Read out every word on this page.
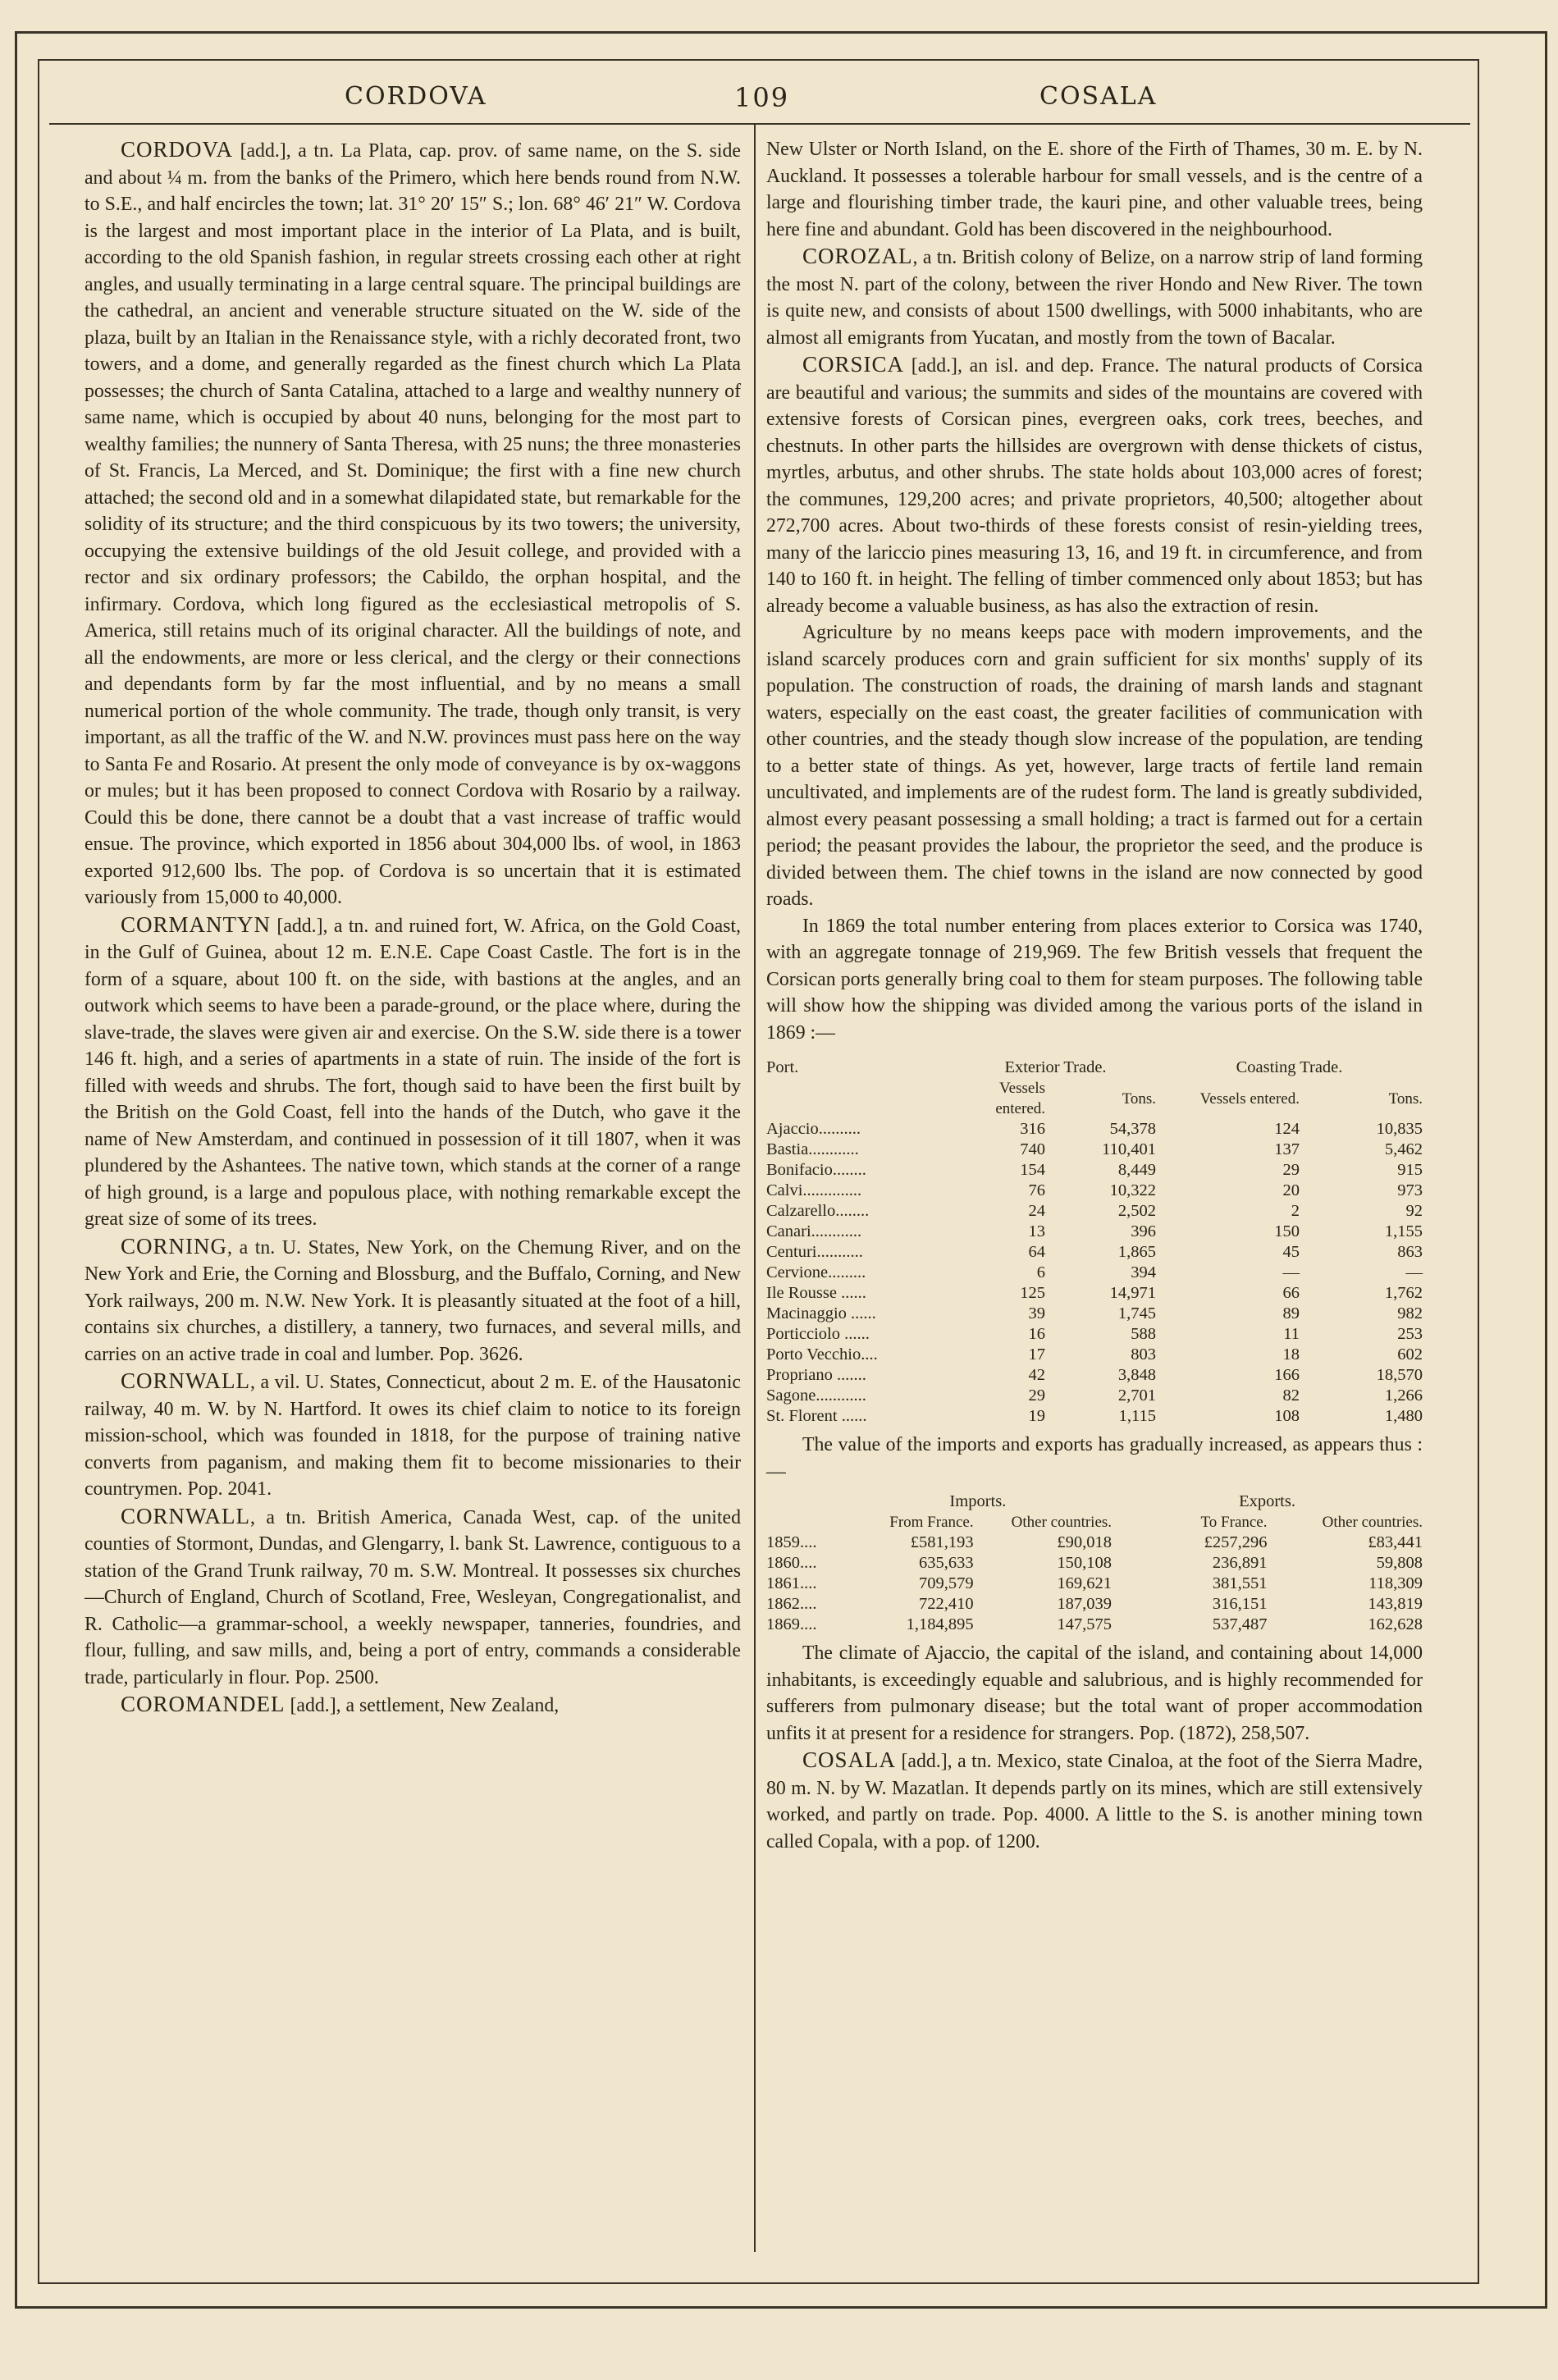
CORDOVA	109	COSALA

CORDOVA [add.], a tn. La Plata, cap. prov. of same name, on the S. side and about ¼ m. from the banks of the Primero, which here bends round from N.W. to S.E., and half encircles the town; lat. 31° 20′ 15″ S.; lon. 68° 46′ 21″ W. Cordova is the largest and most important place in the interior of La Plata, and is built, according to the old Spanish fashion, in regular streets crossing each other at right angles, and usually terminating in a large central square. The principal buildings are the cathedral, an ancient and venerable structure situated on the W. side of the plaza, built by an Italian in the Renaissance style, with a richly decorated front, two towers, and a dome, and generally regarded as the finest church which La Plata possesses; the church of Santa Catalina, attached to a large and wealthy nunnery of same name, which is occupied by about 40 nuns, belonging for the most part to wealthy families; the nunnery of Santa Theresa, with 25 nuns; the three monasteries of St. Francis, La Merced, and St. Dominique; the first with a fine new church attached; the second old and in a somewhat dilapidated state, but remarkable for the solidity of its structure; and the third conspicuous by its two towers; the university, occupying the extensive buildings of the old Jesuit college, and provided with a rector and six ordinary professors; the Cabildo, the orphan hospital, and the infirmary. Cordova, which long figured as the ecclesiastical metropolis of S. America, still retains much of its original character. All the buildings of note, and all the endowments, are more or less clerical, and the clergy or their connections and dependants form by far the most influential, and by no means a small numerical portion of the whole community. The trade, though only transit, is very important, as all the traffic of the W. and N.W. provinces must pass here on the way to Santa Fe and Rosario. At present the only mode of conveyance is by ox-waggons or mules; but it has been proposed to connect Cordova with Rosario by a railway. Could this be done, there cannot be a doubt that a vast increase of traffic would ensue. The province, which exported in 1856 about 304,000 lbs. of wool, in 1863 exported 912,600 lbs. The pop. of Cordova is so uncertain that it is estimated variously from 15,000 to 40,000.

CORMANTYN [add.], a tn. and ruined fort, W. Africa, on the Gold Coast, in the Gulf of Guinea, about 12 m. E.N.E. Cape Coast Castle. The fort is in the form of a square, about 100 ft. on the side, with bastions at the angles, and an outwork which seems to have been a parade-ground, or the place where, during the slave-trade, the slaves were given air and exercise. On the S.W. side there is a tower 146 ft. high, and a series of apartments in a state of ruin. The inside of the fort is filled with weeds and shrubs. The fort, though said to have been the first built by the British on the Gold Coast, fell into the hands of the Dutch, who gave it the name of New Amsterdam, and continued in possession of it till 1807, when it was plundered by the Ashantees. The native town, which stands at the corner of a range of high ground, is a large and populous place, with nothing remarkable except the great size of some of its trees.

CORNING, a tn. U. States, New York, on the Chemung River, and on the New York and Erie, the Corning and Blossburg, and the Buffalo, Corning, and New York railways, 200 m. N.W. New York. It is pleasantly situated at the foot of a hill, contains six churches, a distillery, a tannery, two furnaces, and several mills, and carries on an active trade in coal and lumber. Pop. 3626.

CORNWALL, a vil. U. States, Connecticut, about 2 m. E. of the Hausatonic railway, 40 m. W. by N. Hartford. It owes its chief claim to notice to its foreign mission-school, which was founded in 1818, for the purpose of training native converts from paganism, and making them fit to become missionaries to their countrymen. Pop. 2041.

CORNWALL, a tn. British America, Canada West, cap. of the united counties of Stormont, Dundas, and Glengarry, l. bank St. Lawrence, contiguous to a station of the Grand Trunk railway, 70 m. S.W. Montreal. It possesses six churches—Church of England, Church of Scotland, Free, Wesleyan, Congregationalist, and R. Catholic—a grammar-school, a weekly newspaper, tanneries, foundries, and flour, fulling, and saw mills, and, being a port of entry, commands a considerable trade, particularly in flour. Pop. 2500.

COROMANDEL [add.], a settlement, New Zealand,

New Ulster or North Island, on the E. shore of the Firth of Thames, 30 m. E. by N. Auckland. It possesses a tolerable harbour for small vessels, and is the centre of a large and flourishing timber trade, the kauri pine, and other valuable trees, being here fine and abundant. Gold has been discovered in the neighbourhood.

COROZAL, a tn. British colony of Belize, on a narrow strip of land forming the most N. part of the colony, between the river Hondo and New River. The town is quite new, and consists of about 1500 dwellings, with 5000 inhabitants, who are almost all emigrants from Yucatan, and mostly from the town of Bacalar.

CORSICA [add.], an isl. and dep. France. The natural products of Corsica are beautiful and various; the summits and sides of the mountains are covered with extensive forests of Corsican pines, evergreen oaks, cork trees, beeches, and chestnuts. In other parts the hillsides are overgrown with dense thickets of cistus, myrtles, arbutus, and other shrubs. The state holds about 103,000 acres of forest; the communes, 129,200 acres; and private proprietors, 40,500; altogether about 272,700 acres. About two-thirds of these forests consist of resin-yielding trees, many of the lariccio pines measuring 13, 16, and 19 ft. in circumference, and from 140 to 160 ft. in height. The felling of timber commenced only about 1853; but has already become a valuable business, as has also the extraction of resin.

Agriculture by no means keeps pace with modern improvements, and the island scarcely produces corn and grain sufficient for six months' supply of its population. The construction of roads, the draining of marsh lands and stagnant waters, especially on the east coast, the greater facilities of communication with other countries, and the steady though slow increase of the population, are tending to a better state of things. As yet, however, large tracts of fertile land remain uncultivated, and implements are of the rudest form. The land is greatly subdivided, almost every peasant possessing a small holding; a tract is farmed out for a certain period; the peasant provides the labour, the proprietor the seed, and the produce is divided between them. The chief towns in the island are now connected by good roads.

In 1869 the total number entering from places exterior to Corsica was 1740, with an aggregate tonnage of 219,969. The few British vessels that frequent the Corsican ports generally bring coal to them for steam purposes. The following table will show how the shipping was divided among the various ports of the island in 1869 :—

Port.	Exterior Trade.		Coasting Trade.	
	Vessels entered.	Tons.	Vessels entered.	Tons.
Ajaccio..........	316	54,378	124	10,835
Bastia............	740	110,401	137	5,462
Bonifacio........	154	8,449	29	915
Calvi..............	76	10,322	20	973
Calzarello........	24	2,502	2	92
Canari............	13	396	150	1,155
Centuri...........	64	1,865	45	863
Cervione.........	6	394	—	—
Ile Rousse ......	125	14,971	66	1,762
Macinaggio ......	39	1,745	89	982
Porticciolo ......	16	588	11	253
Porto Vecchio....	17	803	18	602
Propriano .......	42	3,848	166	18,570
Sagone............	29	2,701	82	1,266
St. Florent ......	19	1,115	108	1,480

The value of the imports and exports has gradually increased, as appears thus :—

	Imports.		Exports.	
	From France.	Other countries.	To France.	Other countries.
1859....	£581,193	£90,018	£257,296	£83,441
1860....	635,633	150,108	236,891	59,808
1861....	709,579	169,621	381,551	118,309
1862....	722,410	187,039	316,151	143,819
1869....	1,184,895	147,575	537,487	162,628

The climate of Ajaccio, the capital of the island, and containing about 14,000 inhabitants, is exceedingly equable and salubrious, and is highly recommended for sufferers from pulmonary disease; but the total want of proper accommodation unfits it at present for a residence for strangers. Pop. (1872), 258,507.

COSALA [add.], a tn. Mexico, state Cinaloa, at the foot of the Sierra Madre, 80 m. N. by W. Mazatlan. It depends partly on its mines, which are still extensively worked, and partly on trade. Pop. 4000. A little to the S. is another mining town called Copala, with a pop. of 1200.
